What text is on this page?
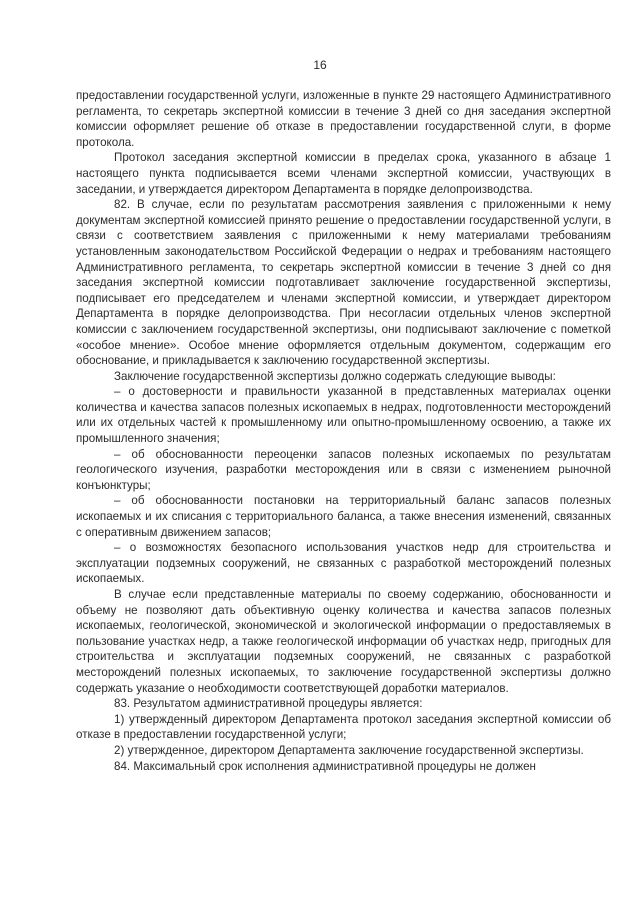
16

предоставлении государственной услуги, изложенные в пункте 29 настоящего Административного регламента, то секретарь экспертной комиссии в течение 3 дней со дня заседания экспертной комиссии оформляет решение об отказе в предоставлении государственной слуги, в форме протокола.

Протокол заседания экспертной комиссии в пределах срока, указанного в абзаце 1 настоящего пункта подписывается всеми членами экспертной комиссии, участвующих в заседании, и утверждается директором Департамента в порядке делопроизводства.

82. В случае, если по результатам рассмотрения заявления с приложенными к нему документам экспертной комиссией принято решение о предоставлении государственной услуги, в связи с соответствием заявления с приложенными к нему материалами требованиям установленным законодательством Российской Федерации о недрах и требованиям настоящего Административного регламента, то секретарь экспертной комиссии в течение 3 дней со дня заседания экспертной комиссии подготавливает заключение государственной экспертизы, подписывает его председателем и членами экспертной комиссии, и утверждает директором Департамента в порядке делопроизводства. При несогласии отдельных членов экспертной комиссии с заключением государственной экспертизы, они подписывают заключение с пометкой «особое мнение». Особое мнение оформляется отдельным документом, содержащим его обоснование, и прикладывается к заключению государственной экспертизы.

Заключение государственной экспертизы должно содержать следующие выводы:

– о достоверности и правильности указанной в представленных материалах оценки количества и качества запасов полезных ископаемых в недрах, подготовленности месторождений или их отдельных частей к промышленному или опытно-промышленному освоению, а также их промышленного значения;

– об обоснованности переоценки запасов полезных ископаемых по результатам геологического изучения, разработки месторождения или в связи с изменением рыночной конъюнктуры;

– об обоснованности постановки на территориальный баланс запасов полезных ископаемых и их списания с территориального баланса, а также внесения изменений, связанных с оперативным движением запасов;

– о возможностях безопасного использования участков недр для строительства и эксплуатации подземных сооружений, не связанных с разработкой месторождений полезных ископаемых.

В случае если представленные материалы по своему содержанию, обоснованности и объему не позволяют дать объективную оценку количества и качества запасов полезных ископаемых, геологической, экономической и экологической информации о предоставляемых в пользование участках недр, а также геологической информации об участках недр, пригодных для строительства и эксплуатации подземных сооружений, не связанных с разработкой месторождений полезных ископаемых, то заключение государственной экспертизы должно содержать указание о необходимости соответствующей доработки материалов.

83. Результатом административной процедуры является:

1) утвержденный директором Департамента протокол заседания экспертной комиссии об отказе в предоставлении государственной услуги;

2) утвержденное, директором Департамента заключение государственной экспертизы.

84. Максимальный срок исполнения административной процедуры не должен
